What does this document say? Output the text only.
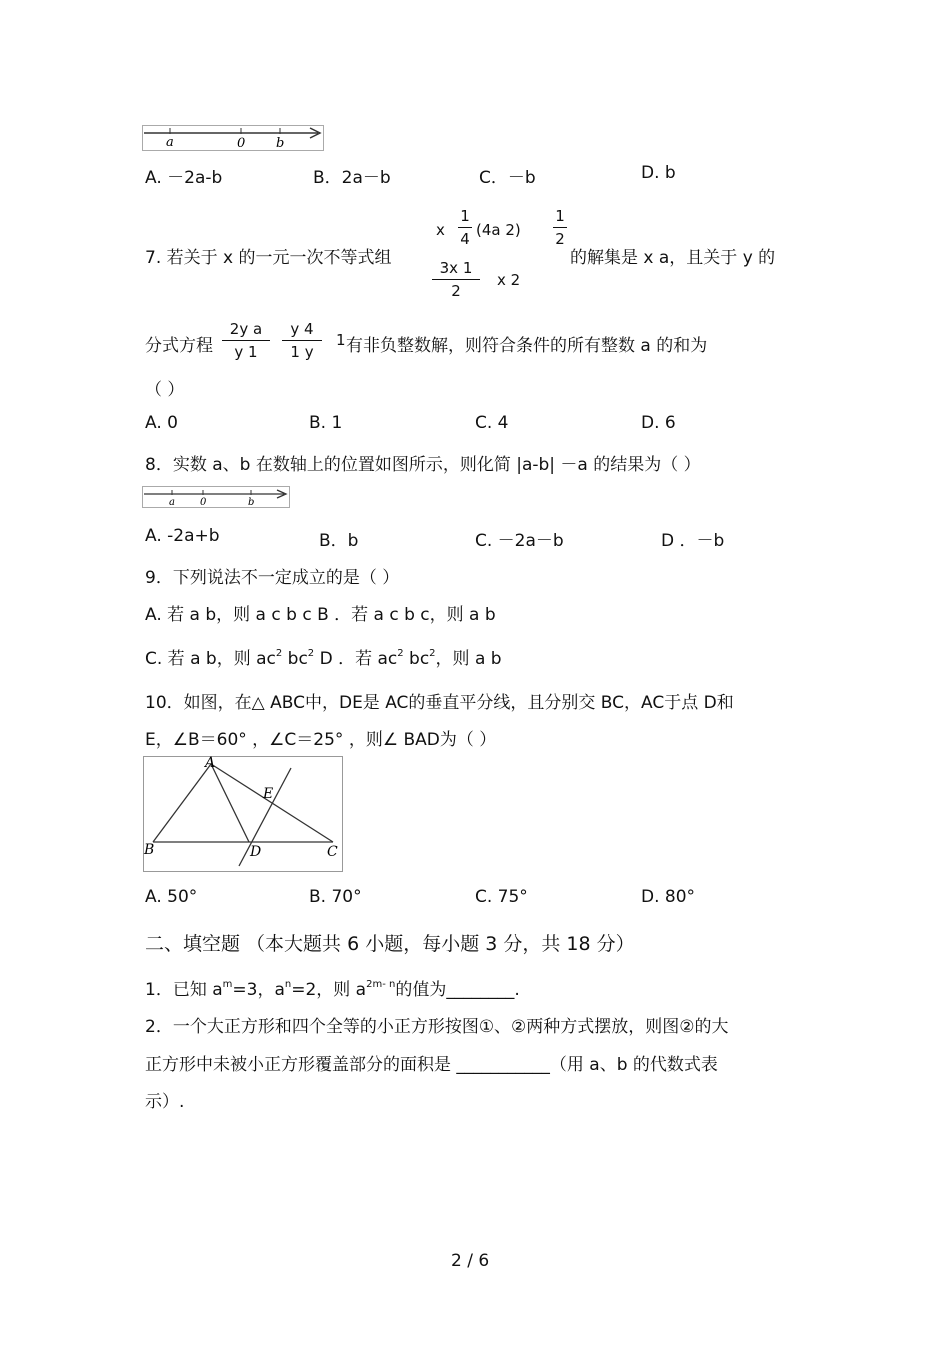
a	0 b
A. －2a-b	B．2a－b	C．－b	D. b
7. 若关于 x 的一元一次不等式组
x
1
4 (4a 2)
1
2
3x 1
2
x 2
的解集是 x a，且关于 y 的
分式方程
2y a
y 1
y 4
1 y
1 有非负整数解，则符合条件的所有整数 a 的和为
（ ）
A. 0	B. 1	C. 4	D. 6
8．实数 a、b 在数轴上的位置如图所示，则化简 |a-b| －a 的结果为（ ）
a	0	b
A. -2a+b	B．b	C. －2a－b	D ．－b
9．下列说法不一定成立的是（ ）
A. 若 a b，则 a c b c B ．若 a c b c，则 a b
C. 若 a b，则 $ac^2$ $bc^2$ D ．若 $ac^2$ $bc^2$，则 a b
10．如图，在△ ABC中，DE是 AC的垂直平分线，且分别交 BC，AC于点 D和
E，∠B＝60° ，∠C＝25° ，则∠ BAD为（ ）
A
B	C
D
E
A. 50°	B. 70°	C. 75°	D. 80°
二、填空题 （本大题共 6 小题，每小题 3 分，共 18 分）
1．已知 $a^m=3$，$a^n=2$，则 $a^{2m- n}$的值为________.
2．一个大正方形和四个全等的小正方形按图①、②两种方式摆放，则图②的大
正方形中未被小正方形覆盖部分的面积是 ___________（用 a、b 的代数式表
示）.
2 / 6
